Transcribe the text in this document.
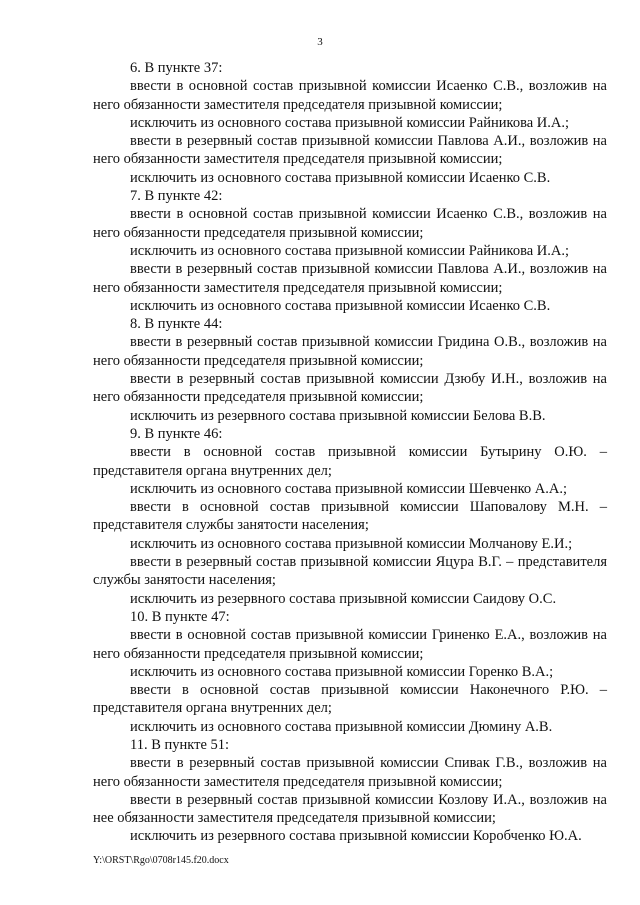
3

6. В пункте 37:

ввести в основной состав призывной комиссии Исаенко С.В., возложив на него обязанности заместителя председателя призывной комиссии;

исключить из основного состава призывной комиссии Райникова И.А.;

ввести в резервный состав призывной комиссии Павлова А.И., возложив на него обязанности заместителя председателя призывной комиссии;

исключить из основного состава призывной комиссии Исаенко С.В.

7. В пункте 42:

ввести в основной состав призывной комиссии Исаенко С.В., возложив на него обязанности председателя призывной комиссии;

исключить из основного состава призывной комиссии Райникова И.А.;

ввести в резервный состав призывной комиссии Павлова А.И., возложив на него обязанности заместителя председателя призывной комиссии;

исключить из основного состава призывной комиссии Исаенко С.В.

8. В пункте 44:

ввести в резервный состав призывной комиссии Гридина О.В., возложив на него обязанности председателя призывной комиссии;

ввести в резервный состав призывной комиссии Дзюбу И.Н., возложив на него обязанности председателя призывной комиссии;

исключить из резервного состава призывной комиссии Белова В.В.

9. В пункте 46:

ввести в основной состав призывной комиссии Бутырину О.Ю. – представителя органа внутренних дел;

исключить из основного состава призывной комиссии Шевченко А.А.;

ввести в основной состав призывной комиссии Шаповалову М.Н. – представителя службы занятости населения;

исключить из основного состава призывной комиссии Молчанову Е.И.;

ввести в резервный состав призывной комиссии Яцура В.Г. – представителя службы занятости населения;

исключить из резервного состава призывной комиссии Саидову О.С.

10. В пункте 47:

ввести в основной состав призывной комиссии Гриненко Е.А., возложив на него обязанности председателя призывной комиссии;

исключить из основного состава призывной комиссии Горенко В.А.;

ввести в основной состав призывной комиссии Наконечного Р.Ю. – представителя органа внутренних дел;

исключить из основного состава призывной комиссии Дюмину А.В.

11. В пункте 51:

ввести в резервный состав призывной комиссии Спивак Г.В., возложив на него обязанности заместителя председателя призывной комиссии;

ввести в резервный состав призывной комиссии Козлову И.А., возложив на нее обязанности заместителя председателя призывной комиссии;

исключить из резервного состава призывной комиссии Коробченко Ю.А.

Y:\ORST\Rgo\0708r145.f20.docx
